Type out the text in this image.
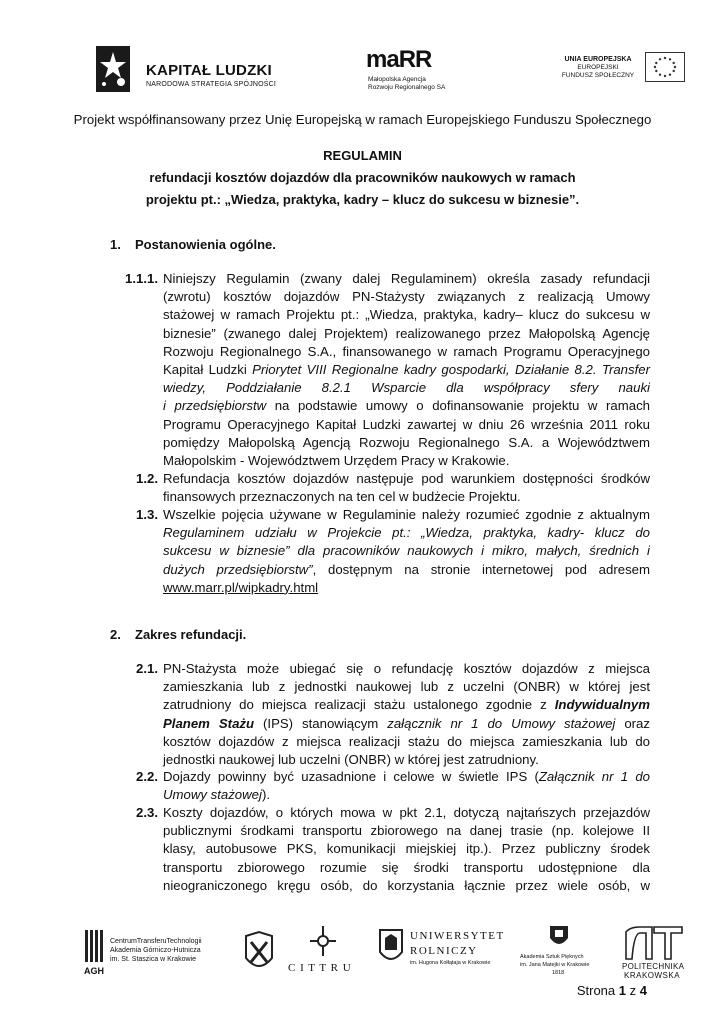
KAPITAŁ LUDZKI
NARODOWA STRATEGIA SPÓJNOŚCI
maRR
Małopolska Agencja
Rozwoju Regionalnego SA
UNIA EUROPEJSKA
EUROPEJSKI
FUNDUSZ SPOŁECZNY
Projekt współfinansowany przez Unię Europejską w ramach Europejskiego Funduszu Społecznego
REGULAMIN
refundacji kosztów dojazdów dla pracowników naukowych w ramach
projektu pt.: „Wiedza, praktyka, kadry – klucz do sukcesu w biznesie”.
1. Postanowienia ogólne.
1.1.1. Niniejszy Regulamin (zwany dalej Regulaminem) określa zasady refundacji
(zwrotu) kosztów dojazdów PN-Stażysty związanych z realizacją Umowy
stażowej w ramach Projektu pt.: „Wiedza, praktyka, kadry– klucz do sukcesu w
biznesie” (zwanego dalej Projektem) realizowanego przez Małopolską Agencję
Rozwoju Regionalnego S.A., finansowanego w ramach Programu Operacyjnego
Kapitał Ludzki Priorytet VIII Regionalne kadry gospodarki, Działanie 8.2. Transfer
wiedzy, Poddziałanie 8.2.1 Wsparcie dla współpracy sfery nauki
i przedsiębiorstw na podstawie umowy o dofinansowanie projektu w ramach
Programu Operacyjnego Kapitał Ludzki zawartej w dniu 26 września 2011 roku
pomiędzy Małopolską Agencją Rozwoju Regionalnego S.A. a Województwem
Małopolskim - Województwem Urzędem Pracy w Krakowie.
1.2. Refundacja kosztów dojazdów następuje pod warunkiem dostępności środków
finansowych przeznaczonych na ten cel w budżecie Projektu.
1.3. Wszelkie pojęcia używane w Regulaminie należy rozumieć zgodnie z aktualnym
Regulaminem udziału w Projekcie pt.: „Wiedza, praktyka, kadry- klucz do
sukcesu w biznesie” dla pracowników naukowych i mikro, małych, średnich i
dużych przedsiębiorstw”, dostępnym na stronie internetowej pod adresem
www.marr.pl/wipkadry.html
2. Zakres refundacji.
2.1. PN-Stażysta może ubiegać się o refundację kosztów dojazdów z miejsca
zamieszkania lub z jednostki naukowej lub z uczelni (ONBR) w której jest
zatrudniony do miejsca realizacji stażu ustalonego zgodnie z Indywidualnym
Planem Stażu (IPS) stanowiącym załącznik nr 1 do Umowy stażowej oraz
kosztów dojazdów z miejsca realizacji stażu do miejsca zamieszkania lub do
jednostki naukowej lub uczelni (ONBR) w której jest zatrudniony.
2.2. Dojazdy powinny być uzasadnione i celowe w świetle IPS (Załącznik nr 1 do
Umowy stażowej).
2.3. Koszty dojazdów, o których mowa w pkt 2.1, dotyczą najtańszych przejazdów
publicznymi środkami transportu zbiorowego na danej trasie (np. kolejowe II
klasy, autobusowe PKS, komunikacji miejskiej itp.). Przez publiczny środek
transportu zbiorowego rozumie się środki transportu udostępnione dla
nieograniczonego kręgu osób, do korzystania łącznie przez wiele osób, w
CentrumTransferuTechnologii
Akademia Górniczo-Hutnicza
im. St. Staszica w Krakowie
AGH	C I T T R U
UNIWERSYTET
ROLNICZY
im. Hugona Kołłątaja w Krakowie
Akademia Sztuk Pięknych
im. Jana Matejki w Krakowie
1818
POLITECHNIKA
KRAKOWSKA
Strona 1 z 4
